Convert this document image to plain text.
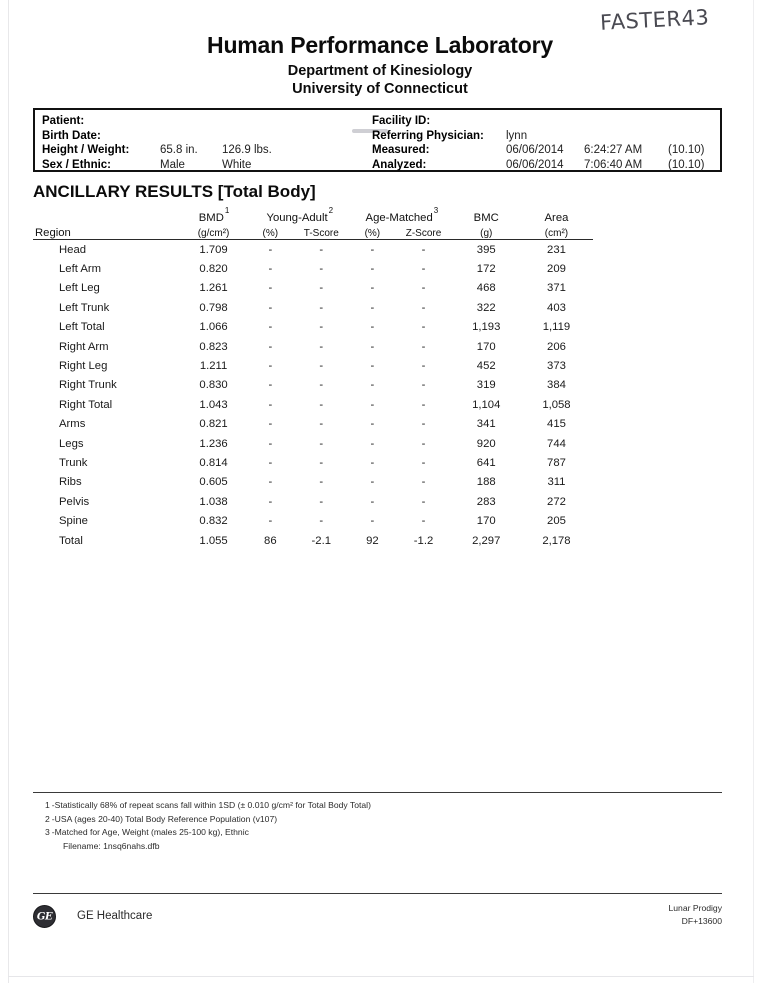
FASTER43
Human Performance Laboratory
Department of Kinesiology
University of Connecticut
Patient:
Birth Date:
Height / Weight:	65.8 in.	126.9 lbs.
Sex / Ethnic:	Male	White
Facility ID:
Referring Physician:	lynn
Measured:	06/06/2014	6:24:27 AM	(10.10)
Analyzed:	06/06/2014	7:06:40 AM	(10.10)
ANCILLARY RESULTS [Total Body]
	BMD$^1$	Young-Adult$^2$		Age-Matched$^3$		BMC	Area
Region	(g/cm²)	(%)	T-Score	(%)	Z-Score	(g)	(cm²)
Head	1.709	-	-	-	-	395	231
Left Arm	0.820	-	-	-	-	172	209
Left Leg	1.261	-	-	-	-	468	371
Left Trunk	0.798	-	-	-	-	322	403
Left Total	1.066	-	-	-	-	1,193	1,119
Right Arm	0.823	-	-	-	-	170	206
Right Leg	1.211	-	-	-	-	452	373
Right Trunk	0.830	-	-	-	-	319	384
Right Total	1.043	-	-	-	-	1,104	1,058
Arms	0.821	-	-	-	-	341	415
Legs	1.236	-	-	-	-	920	744
Trunk	0.814	-	-	-	-	641	787
Ribs	0.605	-	-	-	-	188	311
Pelvis	1.038	-	-	-	-	283	272
Spine	0.832	-	-	-	-	170	205
Total	1.055	86	-2.1	92	-1.2	2,297	2,178
1 -Statistically 68% of repeat scans fall within 1SD (± 0.010 g/cm² for Total Body Total)
2 -USA (ages 20-40) Total Body Reference Population (v107)
3 -Matched for Age, Weight (males 25-100 kg), Ethnic
Filename: 1nsq6nahs.dfb
GE GE Healthcare
Lunar Prodigy
DF+13600
